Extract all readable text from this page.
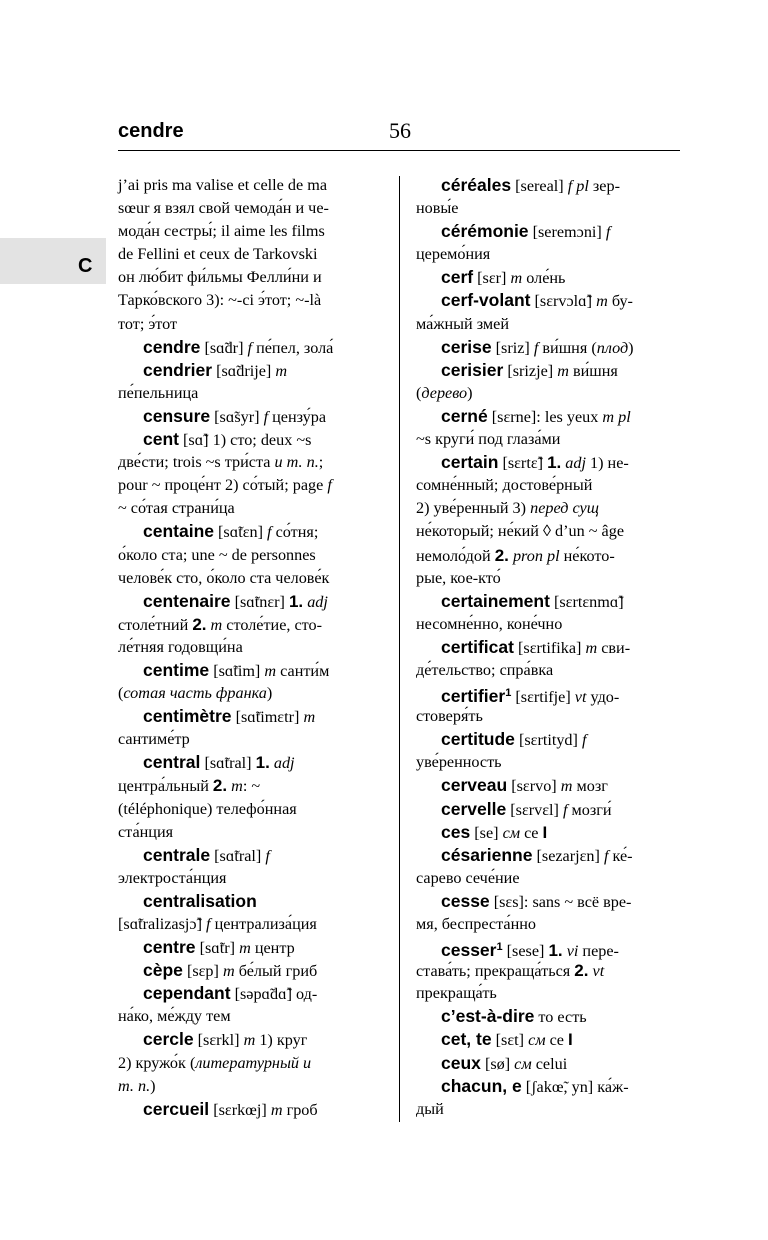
cendre	56
C
j’ai pris ma valise et celle de ma
sœur я взял свой чемода́н и че-
мода́н сестры́; il aime les films
de Fellini et ceux de Tarkovski
он лю́бит фи́льмы Фелли́ни и
Тарко́вского 3): ~-ci э́тот; ~-là
тот; э́тот
cendre [sɑ̃dr] f пе́пел, зола́
cendrier [sɑ̃drije] m
пе́пельница
censure [sɑ̃syr] f цензу́ра
cent [sɑ̃] 1) сто; deux ~s
две́сти; trois ~s три́ста и т. п.;
pour ~ проце́нт 2) со́тый; page f
~ со́тая страни́ца
centaine [sɑ̃tɛn] f со́тня;
о́коло ста; une ~ de personnes
челове́к сто, о́коло ста челове́к
centenaire [sɑ̃tnɛr] 1. adj
столе́тний 2. m столе́тие, сто-
ле́тняя годовщи́на
centime [sɑ̃tim] m санти́м
(сотая часть франка)
centimètre [sɑ̃timɛtr] m
сантиме́тр
central [sɑ̃tral] 1. adj
центра́льный 2. m: ~
(téléphonique) телефо́нная
ста́нция
centrale [sɑ̃tral] f
электроста́нция
centralisation
[sɑ̃tralizasjɔ̃] f централиза́ция
centre [sɑ̃tr] m центр
cèpe [sɛp] m бе́лый гриб
cependant [səpɑ̃dɑ̃] од-
на́ко, ме́жду тем
cercle [sɛrkl] m 1) круг
2) кружо́к (литературный и
т. п.)
cercueil [sɛrkœj] m гроб
céréales [sereal] f pl зер-
новы́е
cérémonie [seremɔni] f
церемо́ния
cerf [sɛr] m оле́нь
cerf-volant [sɛrvɔlɑ̃] m бу-
ма́жный змей
cerise [sriz] f ви́шня (плод)
cerisier [srizje] m ви́шня
(дерево)
cerné [sɛrne]: les yeux m pl
~s круги́ под глаза́ми
certain [sɛrtɛ̃] 1. adj 1) не-
сомне́нный; достове́рный
2) уве́ренный 3) перед сущ
не́который; не́кий ◊ d’un ~ âge
немоло́дой 2. pron pl не́кото-
рые, кое-кто́
certainement [sɛrtɛnmɑ̃]
несомне́нно, коне́чно
certificat [sɛrtifika] m сви-
де́тельство; спра́вка
certifier$^1$ [sɛrtifje] vt удо-
стоверя́ть
certitude [sɛrtityd] f
уве́ренность
cerveau [sɛrvo] m мозг
cervelle [sɛrvɛl] f мозги́
ces [se] см ce I
césarienne [sezarjɛn] f ке́-
сарево сече́ние
cesse [sɛs]: sans ~ всё вре-
мя, беспреста́нно
cesser$^1$ [sese] 1. vi пере-
става́ть; прекраща́ться 2. vt
прекраща́ть
c’est-à-dire то есть
cet, te [sɛt] см ce I
ceux [sø] см celui
chacun, e [ʃakœ̃, yn] ка́ж-
дый
